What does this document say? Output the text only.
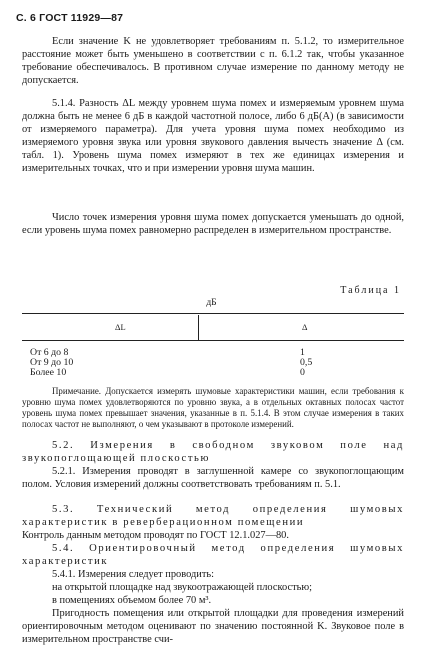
С. 6 ГОСТ 11929—87

Если значение K не удовлетворяет требованиям п. 5.1.2, то измерительное расстояние может быть уменьшено в соответствии с п. 6.1.2 так, чтобы указанное требование обеспечивалось. В противном случае измерение по данному методу не допускается.

5.1.4. Разность ΔL между уровнем шума помех и измеряемым уровнем шума должна быть не менее 6 дБ в каждой частотной полосе, либо 6 дБ(A) (в зависимости от измеряемого параметра). Для учета уровня шума помех необходимо из измеряемого уровня звука или уровня звукового давления вычесть значение Δ (см. табл. 1). Уровень шума помех измеряют в тех же единицах измерения и измерительных точках, что и при измерении уровня шума машин.

Число точек измерения уровня шума помех допускается уменьшать до одной, если уровень шума помех равномерно распределен в измерительном пространстве.

Таблица 1
дБ
ΔL	Δ
От 6 до 8	1
От 9 до 10	0,5
Более 10	0

Примечание. Допускается измерять шумовые характеристики машин, если требования к уровню шума помех удовлетворяются по уровню звука, а в отдельных октавных полосах частот уровень шума помех превышает значения, указанные в п. 5.1.4. В этом случае измерения в таких полосах частот не выполняют, о чем указывают в протоколе измерений.

5.2. Измерения в свободном звуковом поле над звукопоглощающей плоскостью

5.2.1. Измерения проводят в заглушенной камере со звукопоглощающим полом. Условия измерений должны соответствовать требованиям п. 5.1.

5.3. Технический метод определения шумовых характеристик в реверберационном помещении

Контроль данным методом проводят по ГОСТ 12.1.027—80.

5.4. Ориентировочный метод определения шумовых характеристик

5.4.1. Измерения следует проводить:

на открытой площадке над звукоотражающей плоскостью;

в помещениях объемом более 70 м³.

Пригодность помещения или открытой площадки для проведения измерений ориентировочным методом оценивают по значению постоянной K. Звуковое поле в измерительном пространстве счи-
